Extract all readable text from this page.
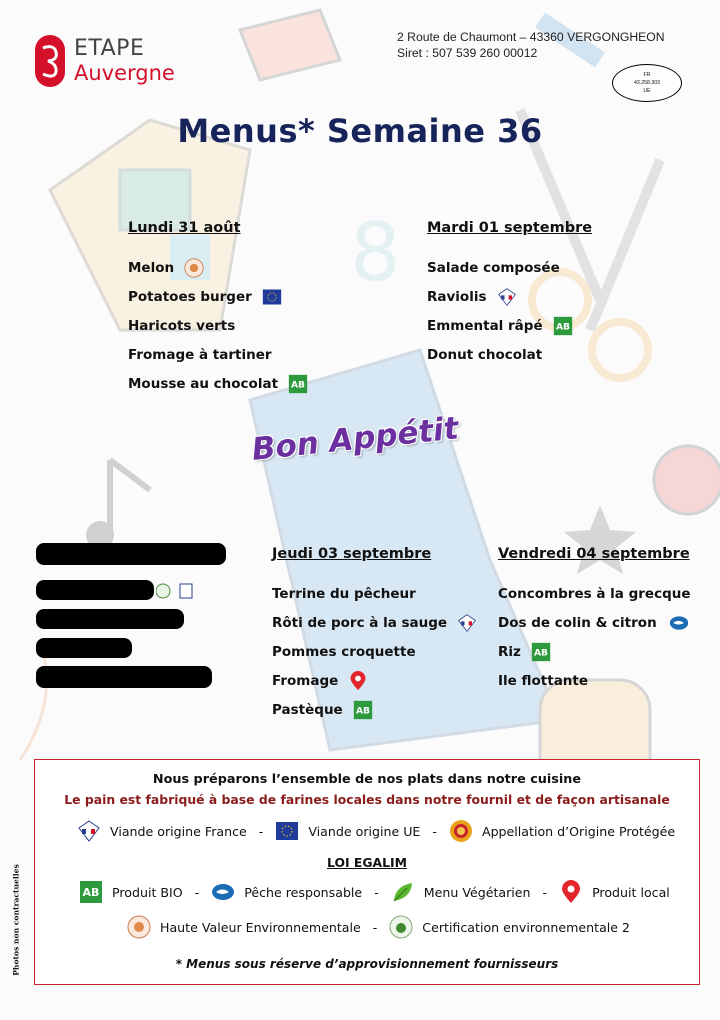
8
ETAPE
Auvergne
2 Route de Chaumont – 43360 VERGONGHEON
Siret : 507 539 260 00012
FR
43.258.303
UE
Menus* Semaine 36
Lundi 31 août
Melon
Potatoes burger
Haricots verts
Fromage à tartiner
Mousse au chocolat AB
Mardi 01 septembre
Salade composée
Raviolis
Emmental râpé AB
Donut chocolat
Bon Appétit
Jeudi 03 septembre
Terrine du pêcheur
Rôti de porc à la sauge
Pommes croquette
Fromage
Pastèque AB
Vendredi 04 septembre
Concombres à la grecque
Dos de colin & citron
Riz AB
Ile flottante
Nous préparons l’ensemble de nos plats dans notre cuisine
Le pain est fabriqué à base de farines locales dans notre fournil et de façon artisanale
Viande origine France -	Viande origine UE -	Appellation d’Origine Protégée
LOI EGALIM
AB Produit BIO -	Pêche responsable -	Menu Végétarien -	Produit local
Haute Valeur Environnementale -	Certification environnementale 2
* Menus sous réserve d’approvisionnement fournisseurs
Photos non contractuelles
